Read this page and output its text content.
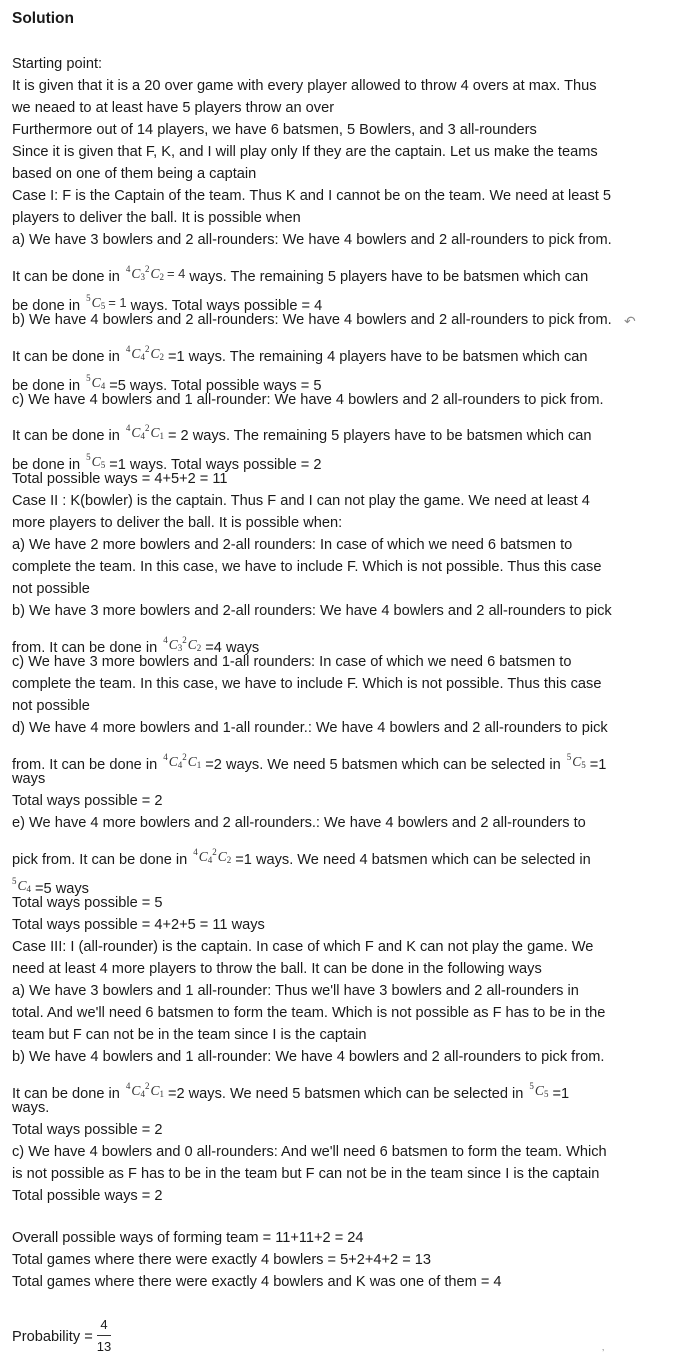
Solution
Starting point:
It is given that it is a 20 over game with every player allowed to throw 4 overs at max. Thus
we neaed to at least have 5 players throw an over
Furthermore out of 14 players, we have 6 batsmen, 5 Bowlers, and 3 all-rounders
Since it is given that F, K, and I will play only If they are the captain. Let us make the teams
based on one of them being a captain
Case I: F is the Captain of the team. Thus K and I cannot be on the team. We need at least 5
players to deliver the ball. It is possible when
a) We have 3 bowlers and 2 all-rounders: We have 4 bowlers and 2 all-rounders to pick from.
It can be done in $^4C_3^2C_2 = 4$ ways. The remaining 5 players have to be batsmen which can
be done in $^5C_5 = 1$ ways. Total ways possible = 4
b) We have 4 bowlers and 2 all-rounders: We have 4 bowlers and 2 all-rounders to pick from.
It can be done in $^4C_4^2C_2 =1$ ways. The remaining 4 players have to be batsmen which can
be done in $^5C_4 =5$ ways. Total possible ways = 5
c) We have 4 bowlers and 1 all-rounder: We have 4 bowlers and 2 all-rounders to pick from.
It can be done in $^4C_4^2C_1 = 2$ ways. The remaining 5 players have to be batsmen which can
be done in $^5C_5 =1$ ways. Total ways possible = 2
Total possible ways = 4+5+2 = 11
Case II : K(bowler) is the captain. Thus F and I can not play the game. We need at least 4
more players to deliver the ball. It is possible when:
a) We have 2 more bowlers and 2-all rounders: In case of which we need 6 batsmen to
complete the team. In this case, we have to include F. Which is not possible. Thus this case
not possible
b) We have 3 more bowlers and 2-all rounders: We have 4 bowlers and 2 all-rounders to pick
from. It can be done in $^4C_3^2C_2 =4$ ways
c) We have 3 more bowlers and 1-all rounders: In case of which we need 6 batsmen to
complete the team. In this case, we have to include F. Which is not possible. Thus this case
not possible
d) We have 4 more bowlers and 1-all rounder.: We have 4 bowlers and 2 all-rounders to pick
from. It can be done in $^4C_4^2C_1 =2$ ways. We need 5 batsmen which can be selected in $^5C_5 =1$
ways
Total ways possible = 2
e) We have 4 more bowlers and 2 all-rounders.: We have 4 bowlers and 2 all-rounders to
pick from. It can be done in $^4C_4^2C_2 =1$ ways. We need 4 batsmen which can be selected in
$^5C_4 =5$ ways
Total ways possible = 5
Total ways possible = 4+2+5 = 11 ways
Case III: I (all-rounder) is the captain. In case of which F and K can not play the game. We
need at least 4 more players to throw the ball. It can be done in the following ways
a) We have 3 bowlers and 1 all-rounder: Thus we'll have 3 bowlers and 2 all-rounders in
total. And we'll need 6 batsmen to form the team. Which is not possible as F has to be in the
team but F can not be in the team since I is the captain
b) We have 4 bowlers and 1 all-rounder: We have 4 bowlers and 2 all-rounders to pick from.
It can be done in $^4C_4^2C_1 =2$ ways. We need 5 batsmen which can be selected in $^5C_5 =1$
ways.
Total ways possible = 2
c) We have 4 bowlers and 0 all-rounders: And we'll need 6 batsmen to form the team. Which
is not possible as F has to be in the team but F can not be in the team since I is the captain
Total possible ways = 2
Overall possible ways of forming team = 11+11+2 = 24
Total games where there were exactly 4 bowlers = 5+2+4+2 = 13
Total games where there were exactly 4 bowlers and K was one of them = 4
Probability = $\frac{4}{13}$
↶
’
